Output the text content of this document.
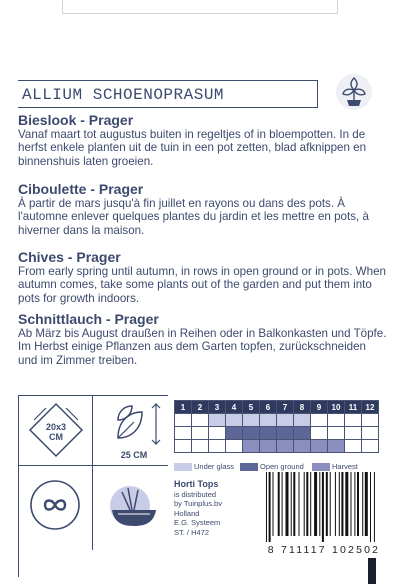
ALLIUM SCHOENOPRASUM
Bieslook - Prager

Vanaf maart tot augustus buiten in regeltjes of in bloempotten. In de herfst enkele planten uit de tuin in een pot zetten, blad afknippen en binnenshuis laten groeien.

Ciboulette - Prager

À partir de mars jusqu'à fin juillet en rayons ou dans des pots. À l'automne enlever quelques plantes du jardin et les mettre en pots, à hiverner dans la maison.

Chives - Prager

From early spring until autumn, in rows in open ground or in pots. When autumn comes, take some plants out of the garden and put them into pots for growth indoors.

Schnittlauch - Prager

Ab März bis August draußen in Reihen oder in Balkonkasten und Töpfe. Im Herbst einige Pflanzen aus dem Garten topfen, zurückschneiden und im Zimmer treiben.

20x3
CM
25 CM
1	2	3	4	5	6	7	8	9	10	11	12

Under glass	Open ground	Harvest
Horti Tops
is distributed
by Tuinplus.bv
Holland
E.G. Systeem
ST. / H472
8 711117 102502
